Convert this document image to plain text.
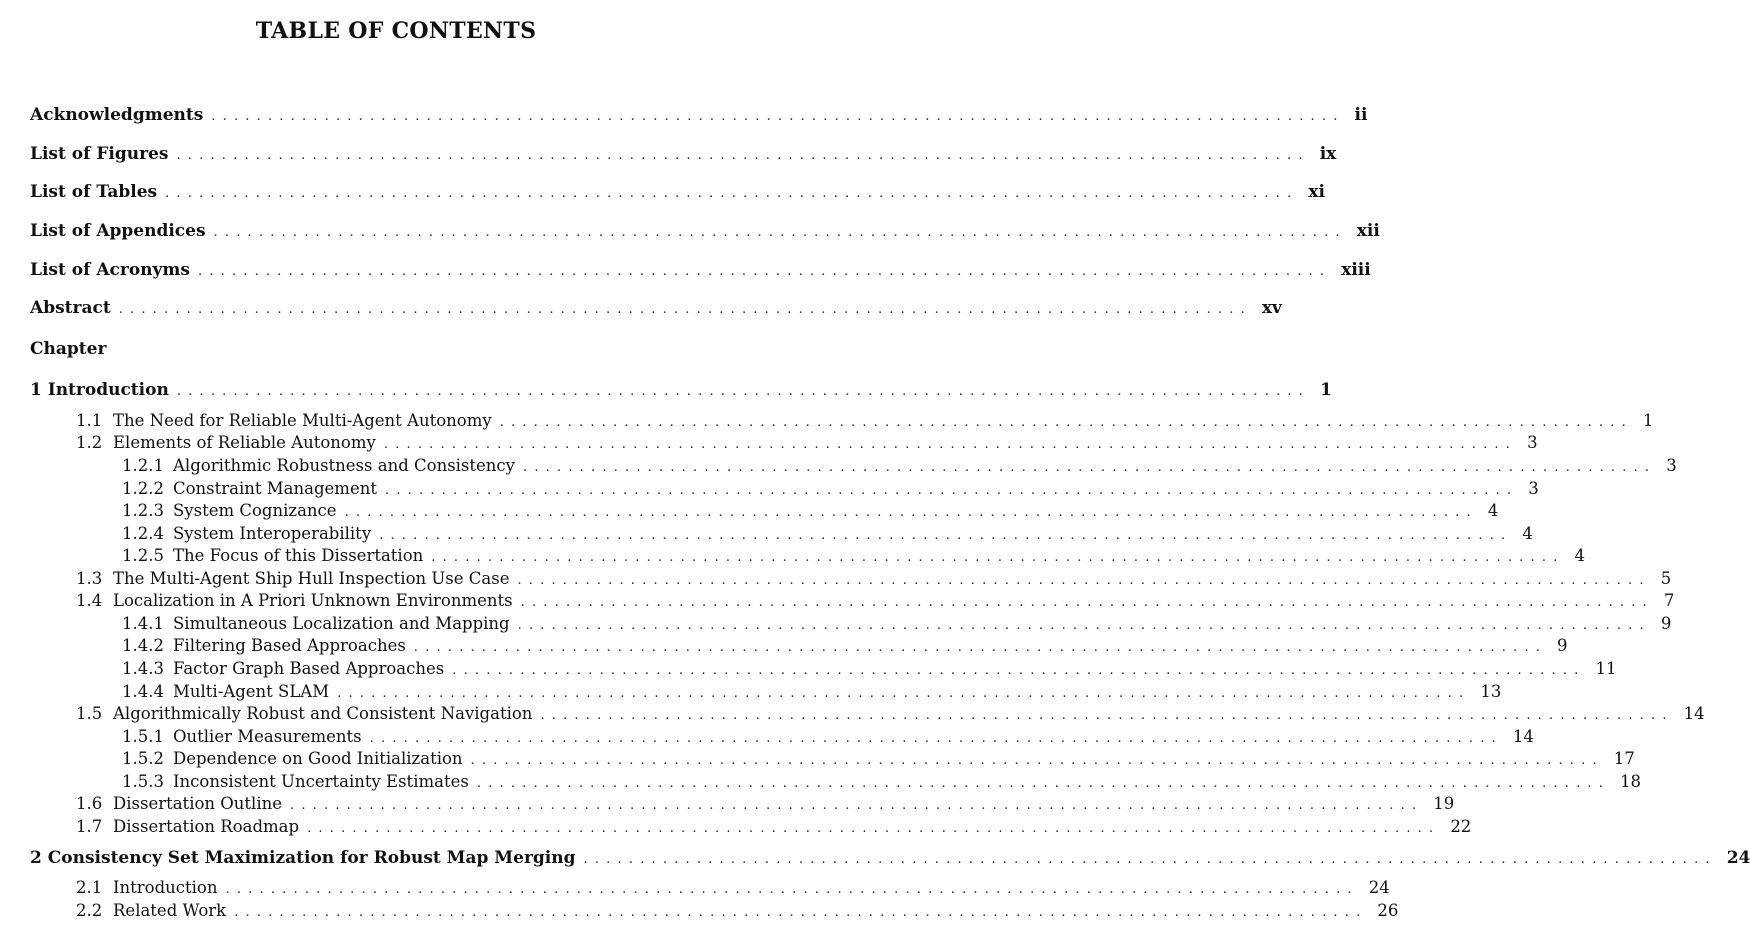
TABLE OF CONTENTS
Acknowledgments .................................................................................................... ii
List of Figures .................................................................................................... ix
List of Tables .................................................................................................... xi
List of Appendices .................................................................................................... xii
List of Acronyms .................................................................................................... xiii
Abstract .................................................................................................... xv
Chapter
1 Introduction .................................................................................................... 1
1.1 The Need for Reliable Multi-Agent Autonomy .................................................................................................... 1
1.2 Elements of Reliable Autonomy .................................................................................................... 3
1.2.1 Algorithmic Robustness and Consistency .................................................................................................... 3
1.2.2 Constraint Management .................................................................................................... 3
1.2.3 System Cognizance .................................................................................................... 4
1.2.4 System Interoperability .................................................................................................... 4
1.2.5 The Focus of this Dissertation .................................................................................................... 4
1.3 The Multi-Agent Ship Hull Inspection Use Case .................................................................................................... 5
1.4 Localization in A Priori Unknown Environments .................................................................................................... 7
1.4.1 Simultaneous Localization and Mapping .................................................................................................... 9
1.4.2 Filtering Based Approaches .................................................................................................... 9
1.4.3 Factor Graph Based Approaches .................................................................................................... 11
1.4.4 Multi-Agent SLAM .................................................................................................... 13
1.5 Algorithmically Robust and Consistent Navigation .................................................................................................... 14
1.5.1 Outlier Measurements .................................................................................................... 14
1.5.2 Dependence on Good Initialization .................................................................................................... 17
1.5.3 Inconsistent Uncertainty Estimates .................................................................................................... 18
1.6 Dissertation Outline .................................................................................................... 19
1.7 Dissertation Roadmap .................................................................................................... 22
2 Consistency Set Maximization for Robust Map Merging .................................................................................................... 24
2.1 Introduction .................................................................................................... 24
2.2 Related Work .................................................................................................... 26
